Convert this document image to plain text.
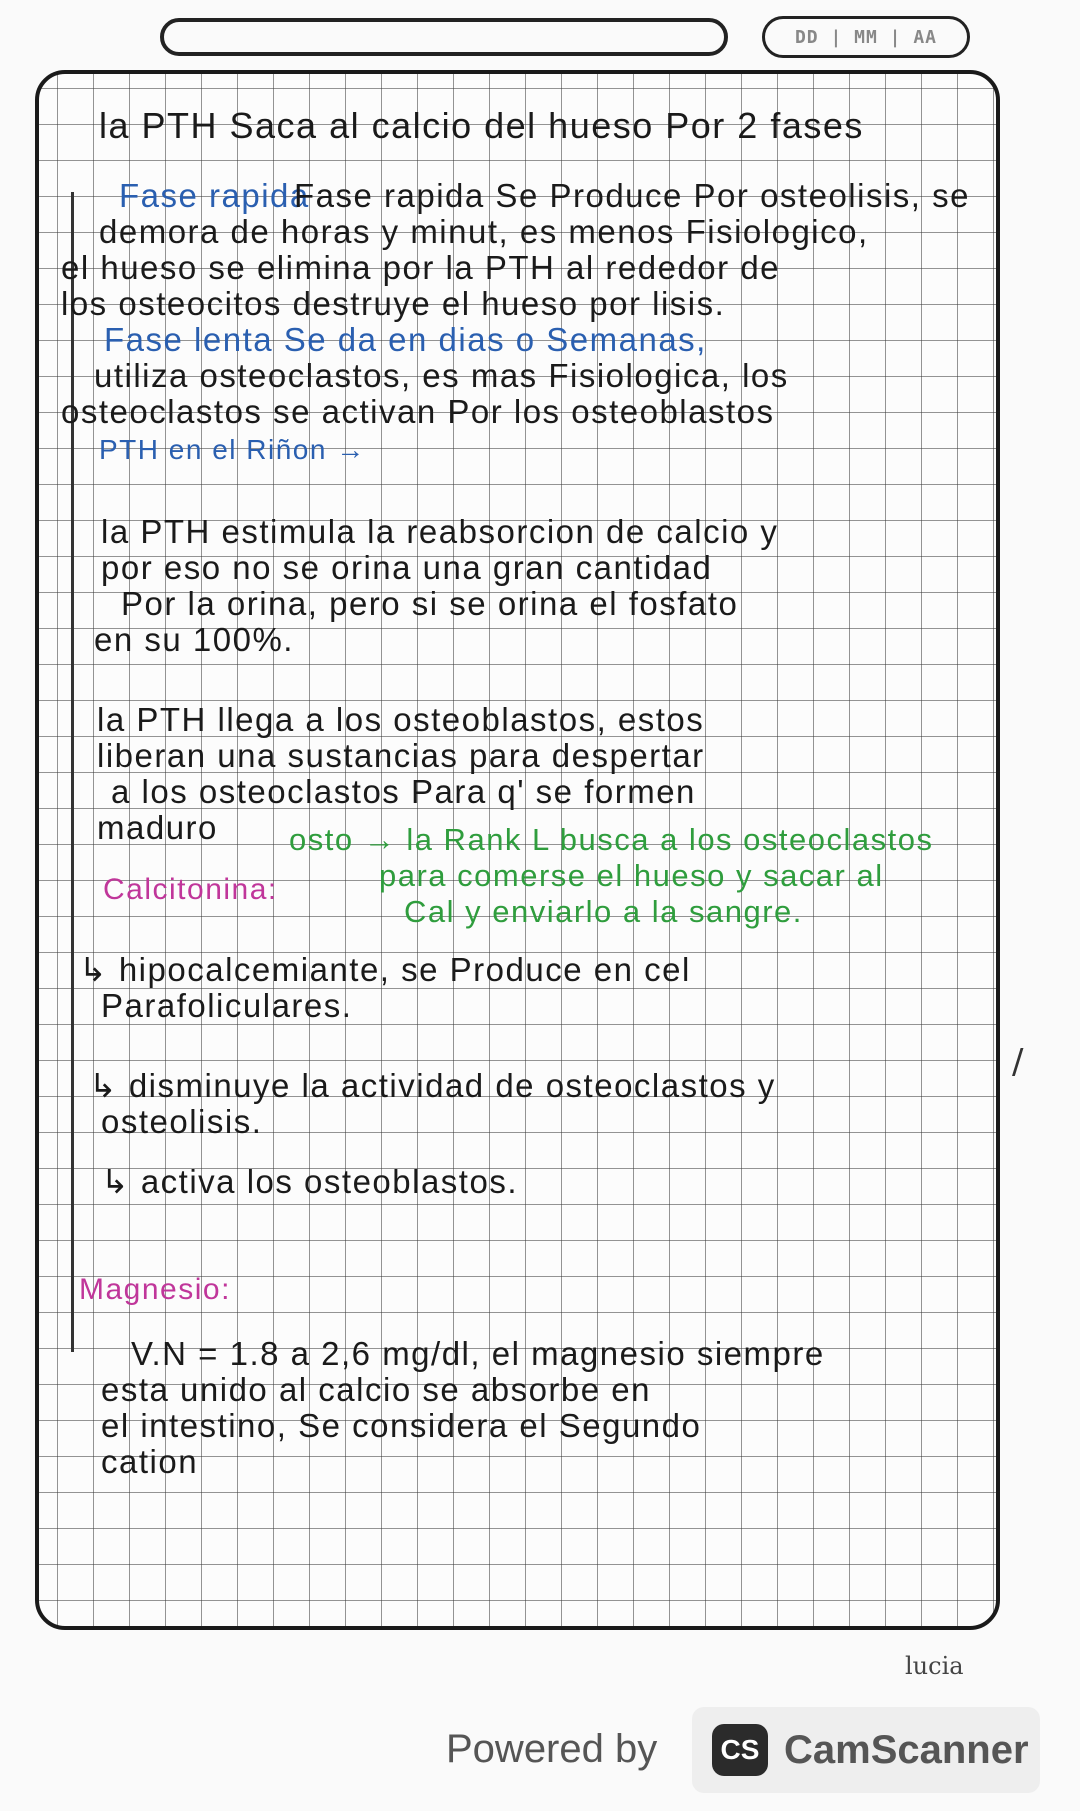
DD | MM | AA
la PTH Saca al calcio del hueso Por 2 fases
Fase rapida
Fase rapida Se Produce Por osteolisis, se
demora de horas y minut, es menos Fisiologico,
el hueso se elimina por la PTH al rededor de
los osteocitos destruye el hueso por lisis.
Fase lenta Se da en dias o Semanas,
utiliza osteoclastos, es mas Fisiologica, los
osteoclastos se activan Por los osteoblastos
PTH en el Riñon →
la PTH estimula la reabsorcion de calcio y
por eso no se orina una gran cantidad
Por la orina, pero si se orina el fosfato
en su 100%.
la PTH llega a los osteoblastos, estos
liberan una sustancias para despertar
a los osteoclastos Para q' se formen
maduro osto → la Rank L busca a los osteoclastos
para comerse el hueso y sacar al
Calcitonina:
Cal y enviarlo a la sangre.
↳ hipocalcemiante, se Produce en cel
Parafoliculares.
↳ disminuye la actividad de osteoclastos y
osteolisis.
↳ activa los osteoblastos.
Magnesio:
V.N = 1.8 a 2,6 mg/dl, el magnesio siempre
esta unido al calcio se absorbe en
el intestino, Se considera el Segundo
cation
/
lucia
Powered by	CS CamScanner
